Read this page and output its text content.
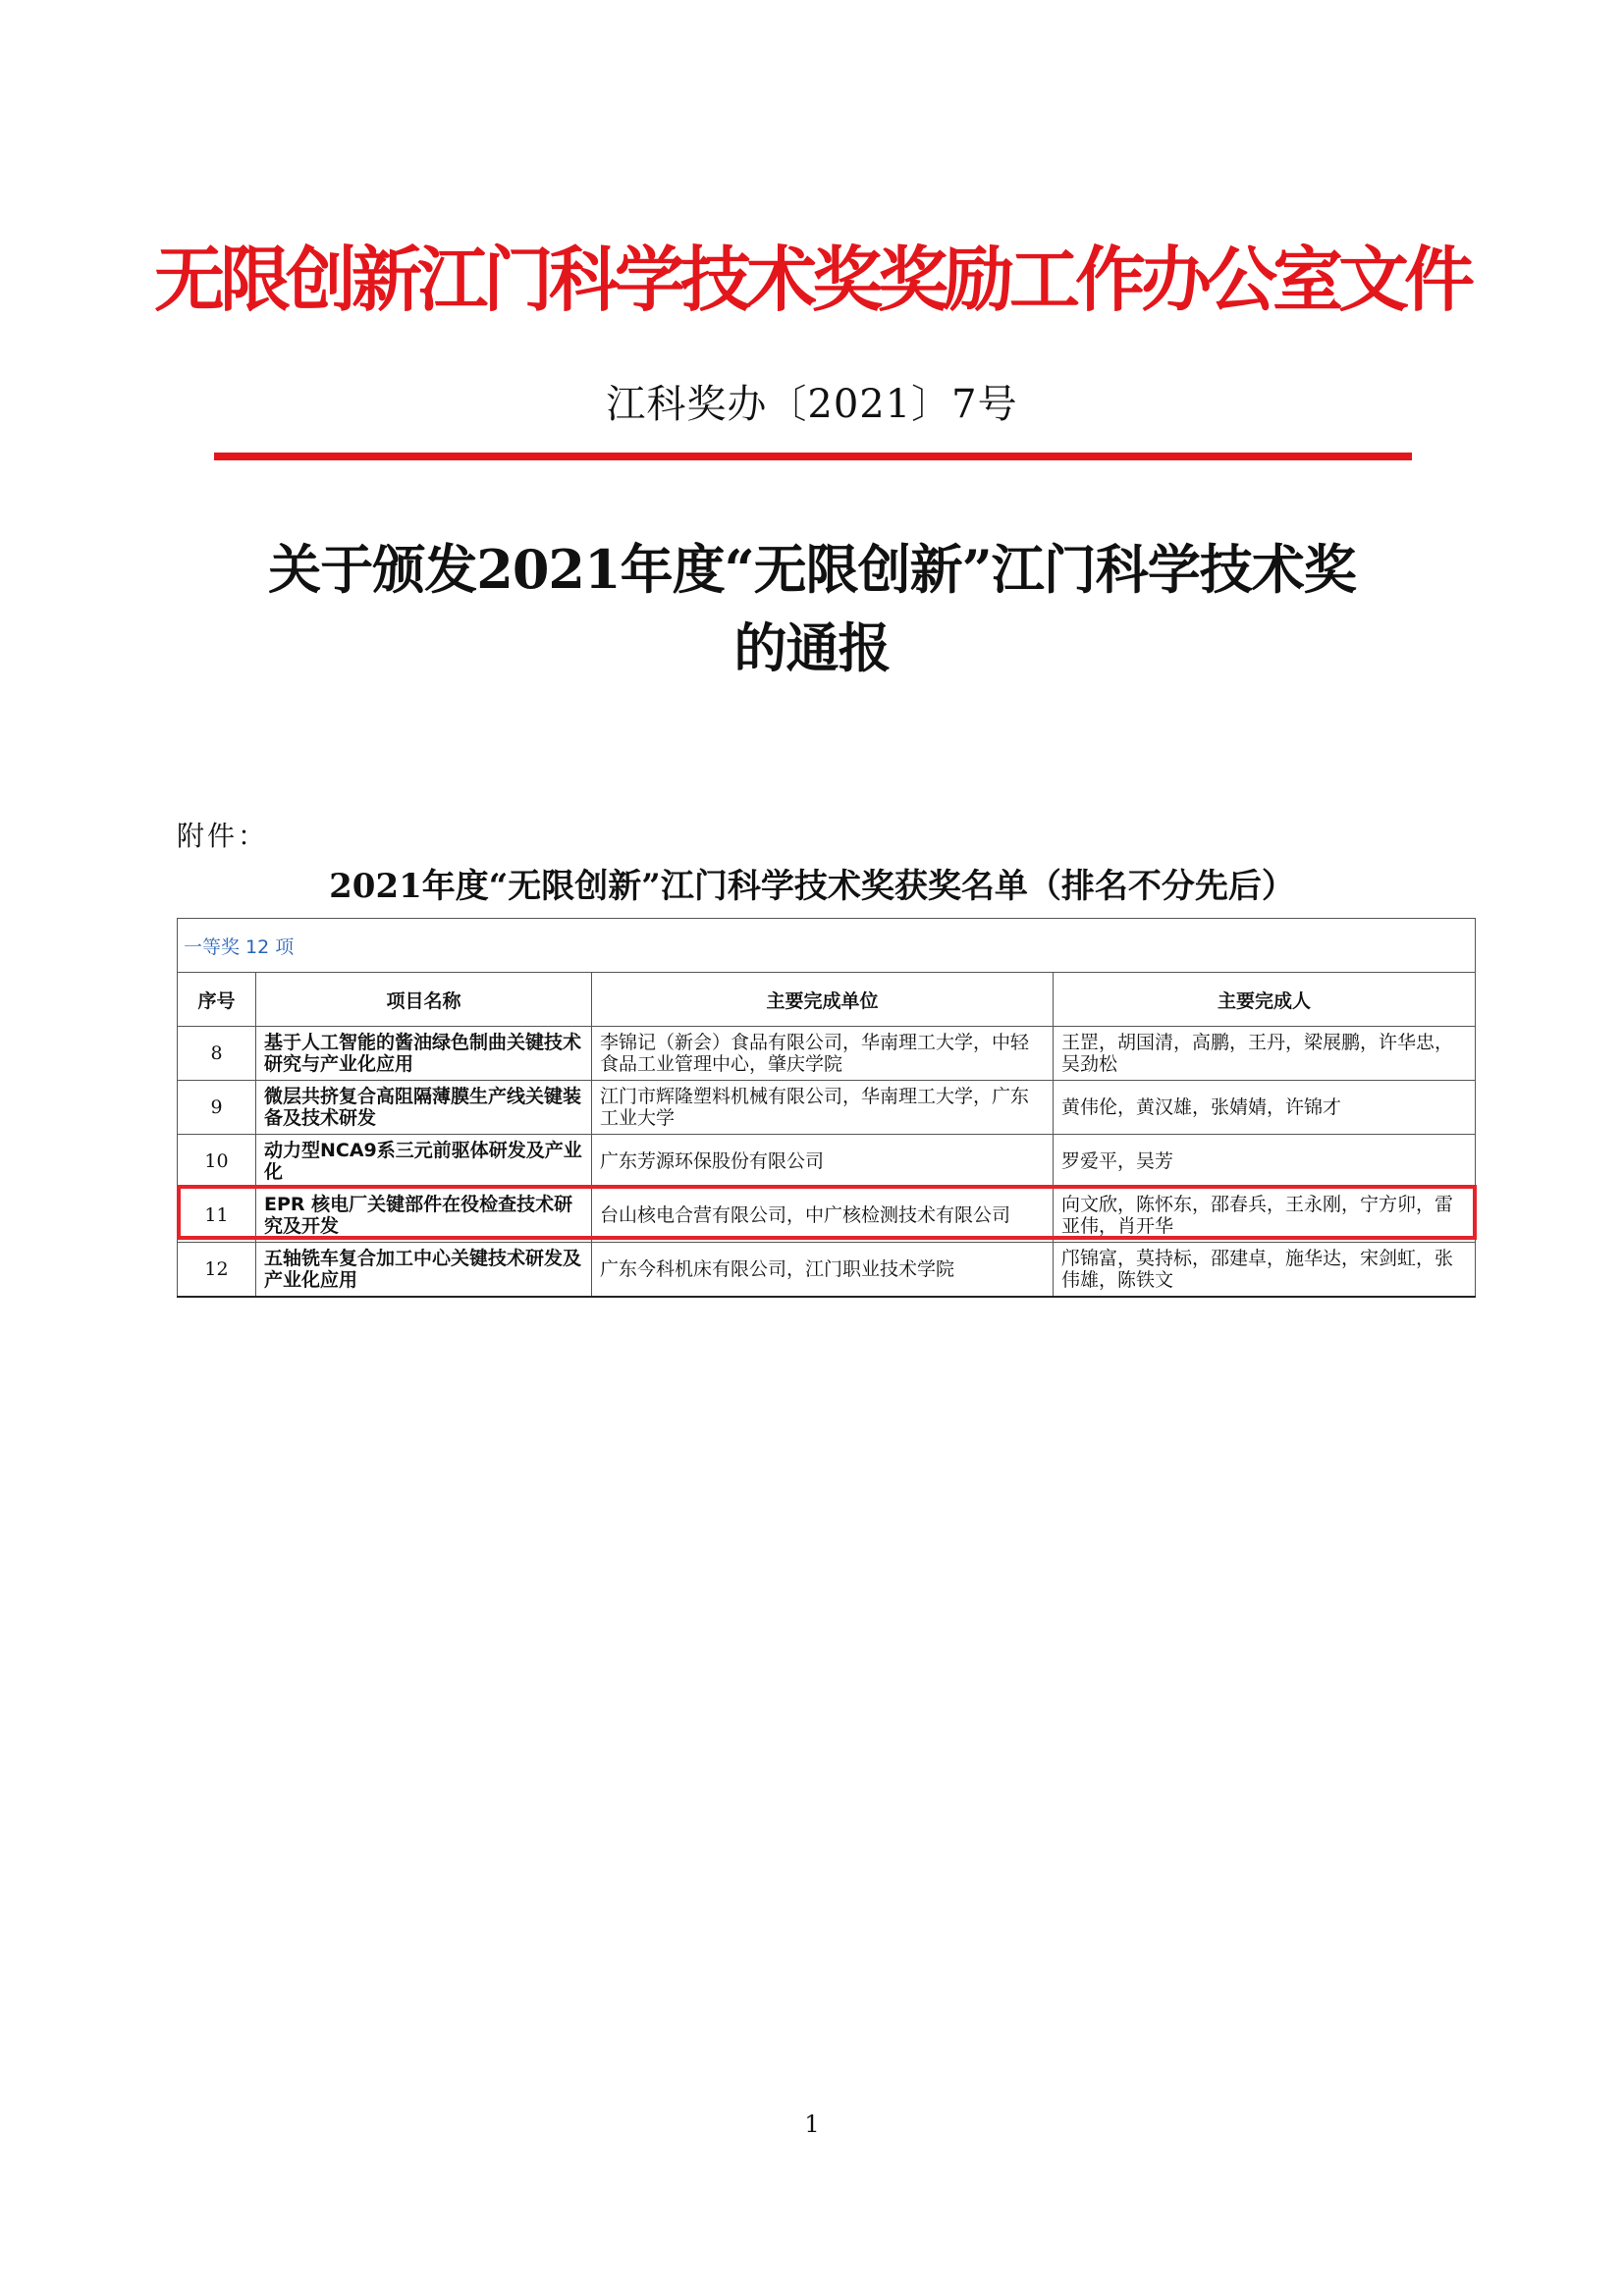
无限创新江门科学技术奖奖励工作办公室文件
江科奖办〔2021〕7号
关于颁发2021年度“无限创新”江门科学技术奖
的通报
附件：
2021年度“无限创新”江门科学技术奖获奖名单（排名不分先后）
一等奖 12 项			
序号	项目名称	主要完成单位	主要完成人
8	基于人工智能的酱油绿色制曲关键技术研究与产业化应用	李锦记（新会）食品有限公司，华南理工大学，中轻食品工业管理中心，肇庆学院	王罡，胡国清，高鹏，王丹，梁展鹏，许华忠，吴劲松
9	微层共挤复合高阻隔薄膜生产线关键装备及技术研发	江门市辉隆塑料机械有限公司，华南理工大学，广东工业大学	黄伟伦，黄汉雄，张婧婧，许锦才
10	动力型NCA9系三元前驱体研发及产业化	广东芳源环保股份有限公司	罗爱平，吴芳
11	EPR 核电厂关键部件在役检查技术研究及开发	台山核电合营有限公司，中广核检测技术有限公司	向文欣，陈怀东，邵春兵，王永刚，宁方卯，雷亚伟，肖开华
12	五轴铣车复合加工中心关键技术研发及产业化应用	广东今科机床有限公司，江门职业技术学院	邝锦富，莫持标，邵建卓，施华达，宋剑虹，张伟雄，陈铁文
1
